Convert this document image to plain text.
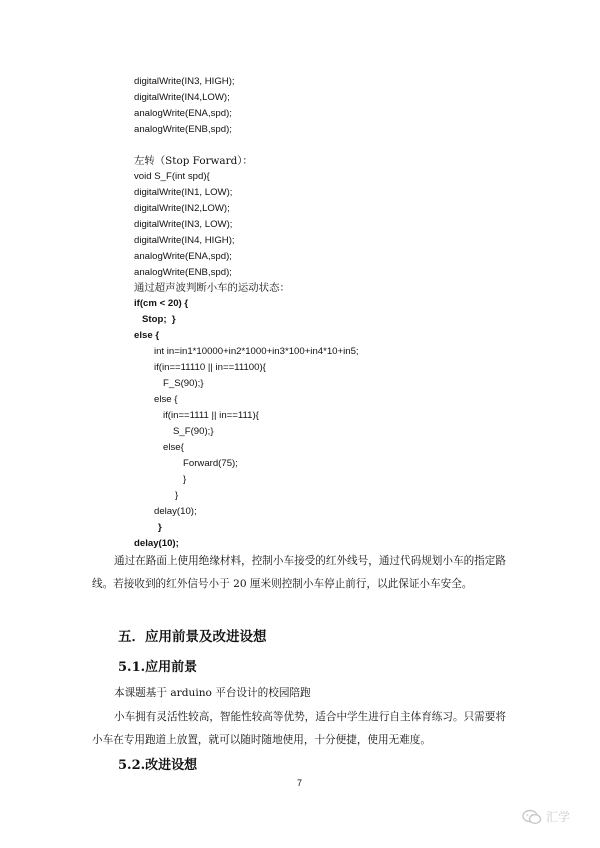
digitalWrite(IN3, HIGH);
digitalWrite(IN4,LOW);
analogWrite(ENA,spd);
analogWrite(ENB,spd);
左转（Stop Forward）：
void S_F(int spd){
digitalWrite(IN1, LOW);
digitalWrite(IN2,LOW);
digitalWrite(IN3, LOW);
digitalWrite(IN4, HIGH);
analogWrite(ENA,spd);
analogWrite(ENB,spd);
通过超声波判断小车的运动状态：
if(cm < 20) {
Stop;  }
else {
int in=in1*10000+in2*1000+in3*100+in4*10+in5;
if(in==11110 || in==11100){
F_S(90);}
else {
if(in==1111 || in==111){
S_F(90);}
else{
Forward(75);
}
}
delay(10);
}
delay(10);
通过在路面上使用绝缘材料，控制小车接受的红外线号，通过代码规划小车的指定路
线。若接收到的红外信号小于 20 厘米则控制小车停止前行，以此保证小车安全。
五．应用前景及改进设想
5.1.应用前景
本课题基于 arduino 平台设计的校园陪跑
小车拥有灵活性较高，智能性较高等优势，适合中学生进行自主体育练习。只需要将
小车在专用跑道上放置，就可以随时随地使用，十分便捷，使用无难度。
5.2.改进设想
7
汇学
